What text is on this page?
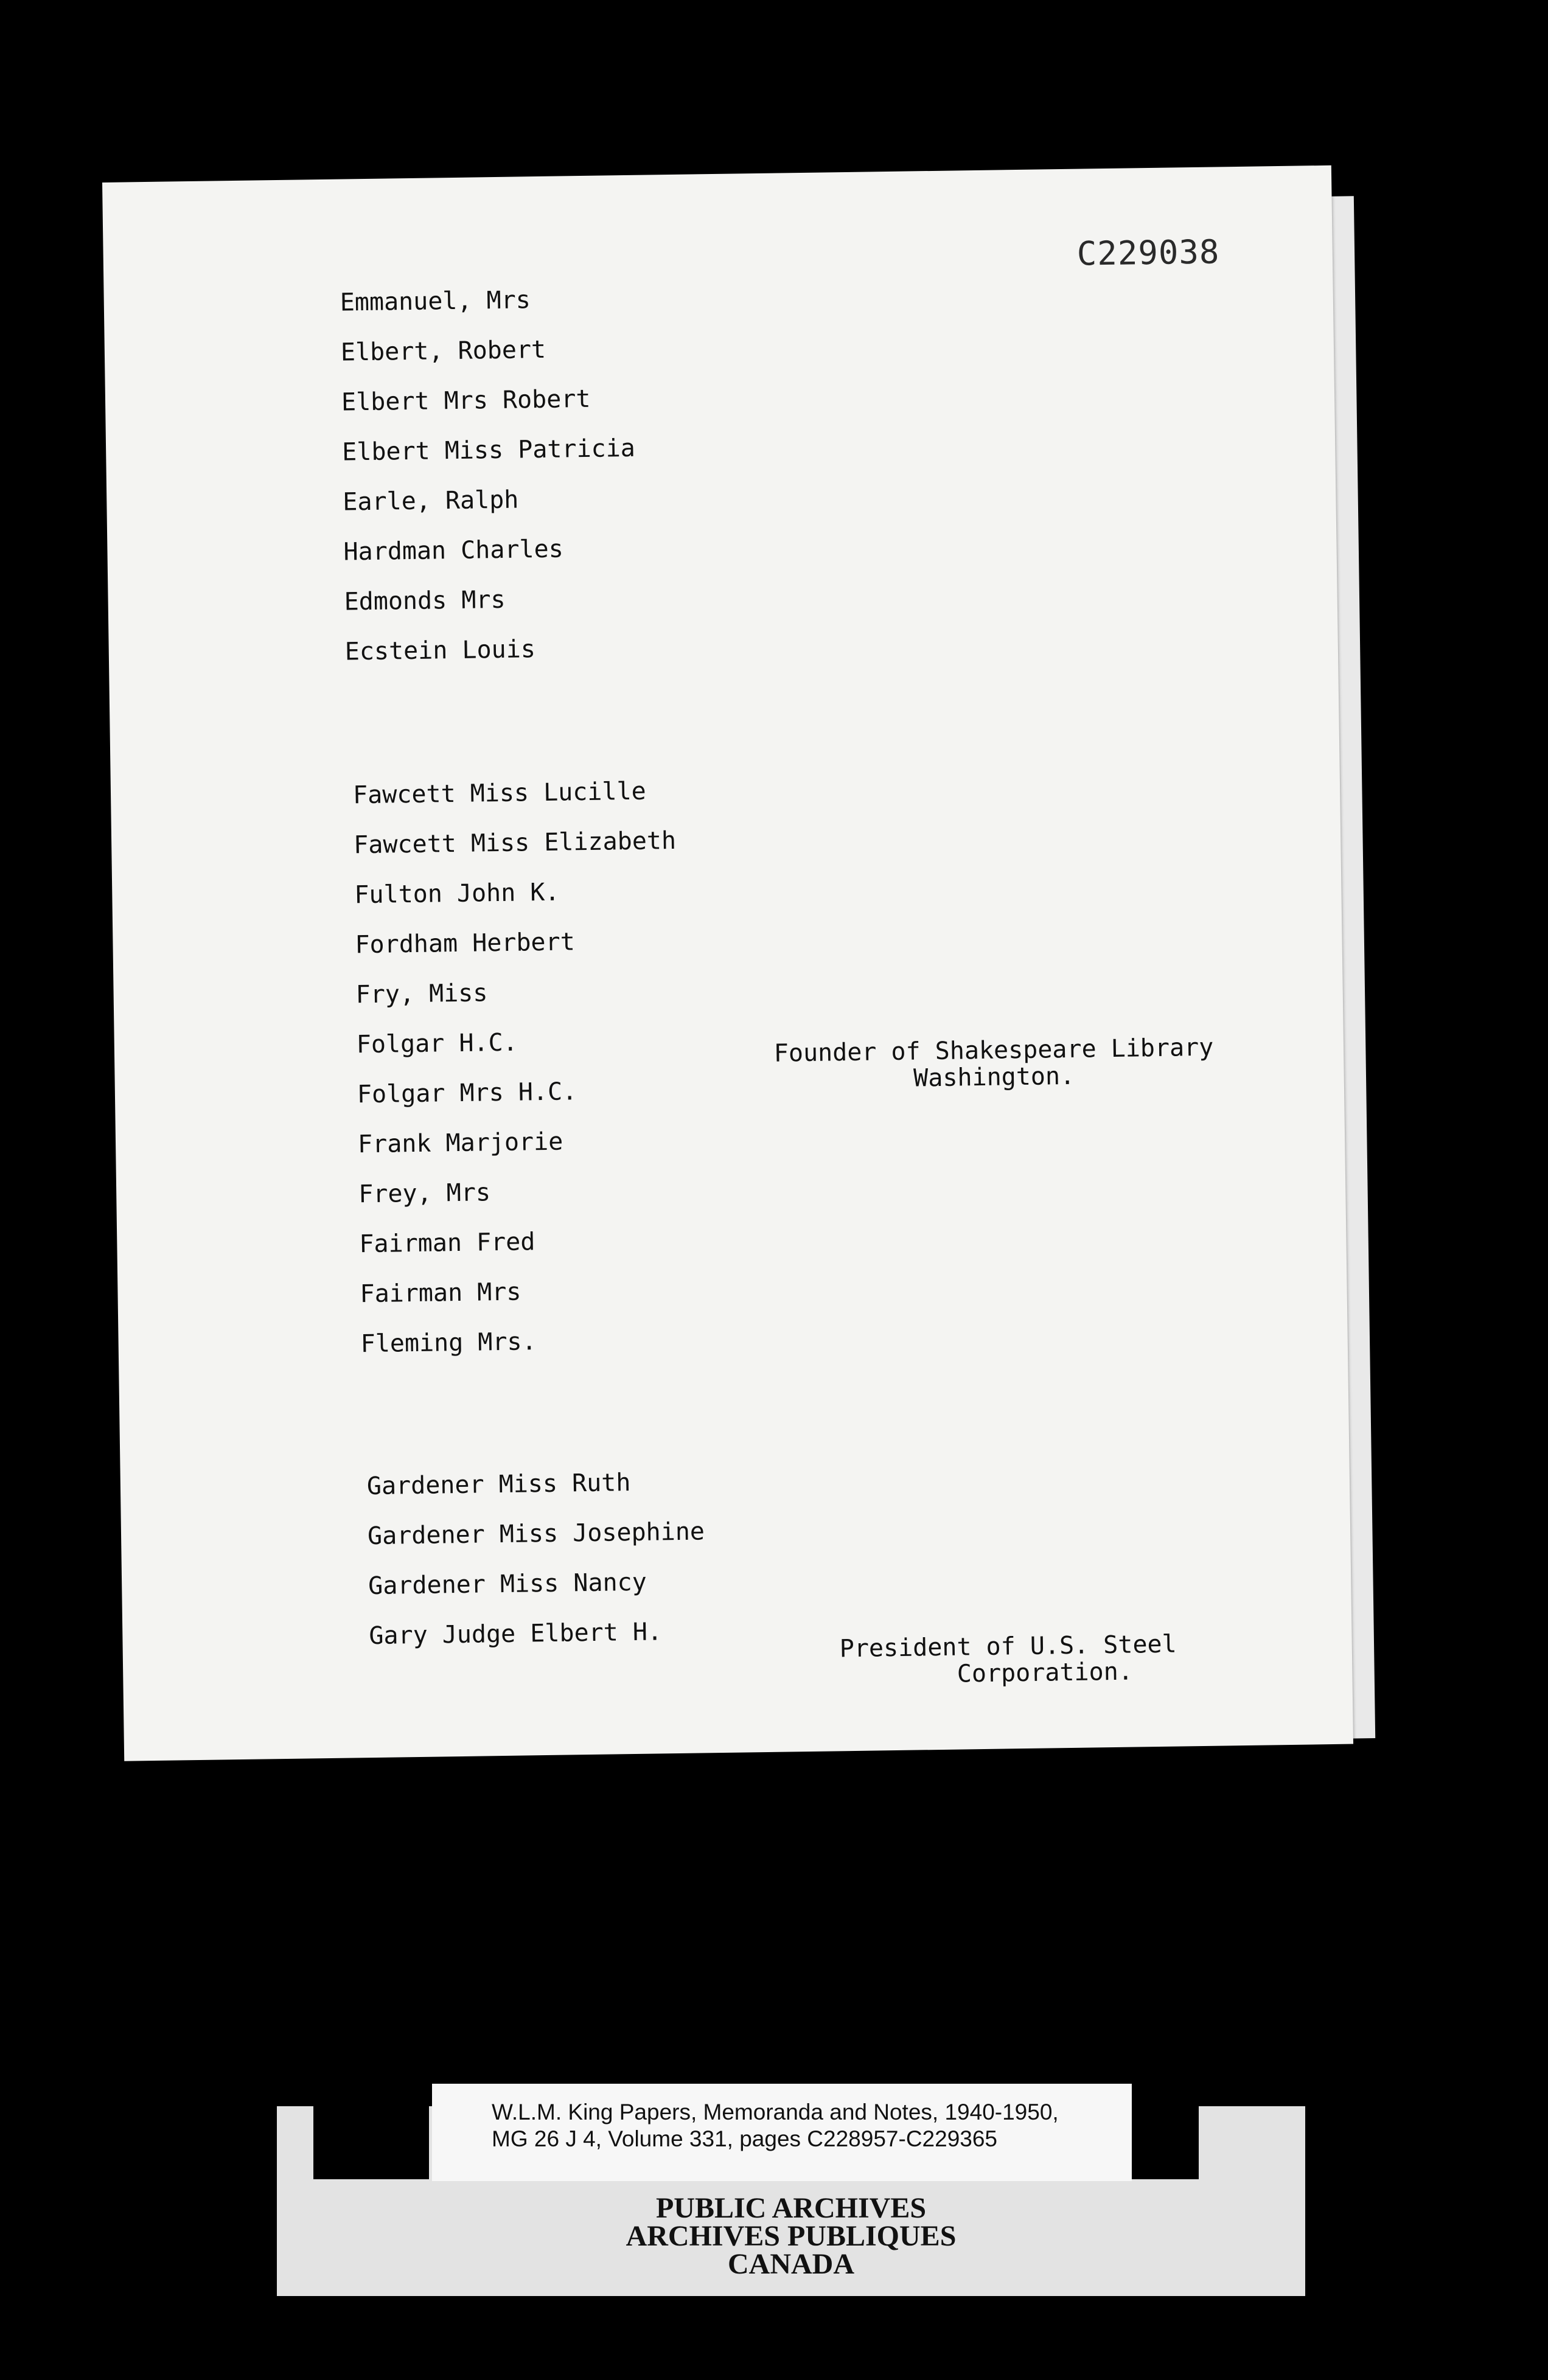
C229038
Emmanuel, Mrs
Elbert, Robert
Elbert Mrs Robert
Elbert Miss Patricia
Earle, Ralph
Hardman Charles
Edmonds Mrs
Ecstein Louis
Fawcett Miss Lucille
Fawcett Miss Elizabeth
Fulton John K.
Fordham Herbert
Fry, Miss
Folgar H.C.
Folgar Mrs H.C.
Frank Marjorie
Frey, Mrs
Fairman Fred
Fairman Mrs
Fleming Mrs.
Gardener Miss Ruth
Gardener Miss Josephine
Gardener Miss Nancy
Gary Judge Elbert H.
Founder of Shakespeare Library
Washington.
President of U.S. Steel
Corporation.
W.L.M. King Papers, Memoranda and Notes, 1940-1950,
MG 26 J 4, Volume 331, pages C228957-C229365
PUBLIC ARCHIVES
ARCHIVES PUBLIQUES
CANADA
